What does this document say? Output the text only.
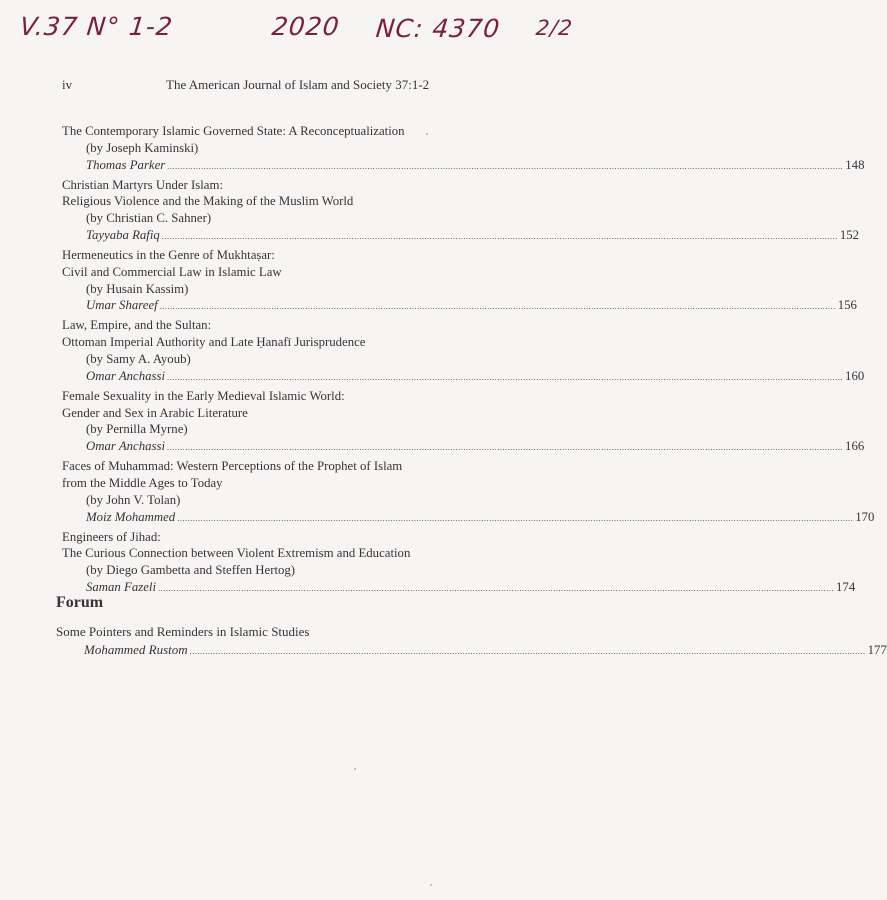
V.37 N° 1-2	2020 NC: 4370 2/2
iv	The American Journal of Islam and Society 37:1-2
The Contemporary Islamic Governed State: A Reconceptualization
(by Joseph Kaminski)
Thomas Parker .................................................................................................................................................................................................................................................................... 148
Christian Martyrs Under Islam:
Religious Violence and the Making of the Muslim World
(by Christian C. Sahner)
Tayyaba Rafiq .................................................................................................................................................................................................................................................................... 152
Hermeneutics in the Genre of Mukhtaṣar:
Civil and Commercial Law in Islamic Law
(by Husain Kassim)
Umar Shareef .................................................................................................................................................................................................................................................................... 156
Law, Empire, and the Sultan:
Ottoman Imperial Authority and Late Ḥanafī Jurisprudence
(by Samy A. Ayoub)
Omar Anchassi .................................................................................................................................................................................................................................................................... 160
Female Sexuality in the Early Medieval Islamic World:
Gender and Sex in Arabic Literature
(by Pernilla Myrne)
Omar Anchassi .................................................................................................................................................................................................................................................................... 166
Faces of Muhammad: Western Perceptions of the Prophet of Islam
from the Middle Ages to Today
(by John V. Tolan)
Moiz Mohammed .................................................................................................................................................................................................................................................................... 170
Engineers of Jihad:
The Curious Connection between Violent Extremism and Education
(by Diego Gambetta and Steffen Hertog)
Saman Fazeli .................................................................................................................................................................................................................................................................... 174
Forum
Some Pointers and Reminders in Islamic Studies
Mohammed Rustom .................................................................................................................................................................................................................................................................... 177
